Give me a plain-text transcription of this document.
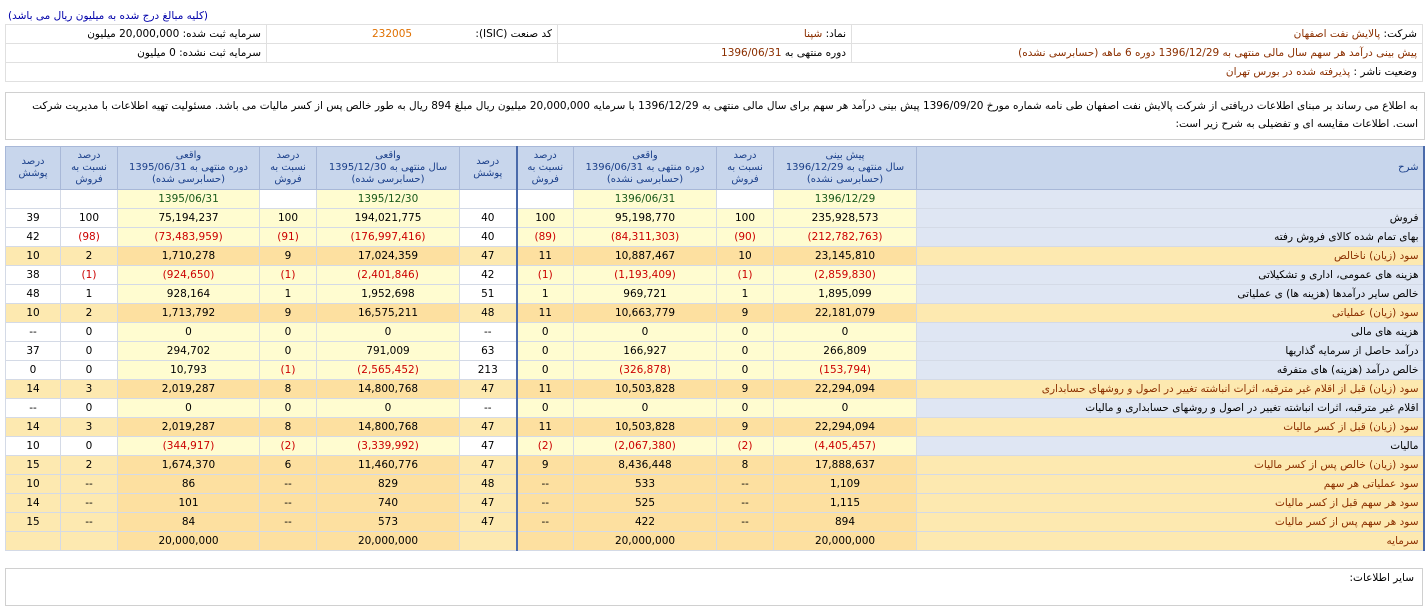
(کلیه مبالغ درج شده به میلیون ریال می باشد)
شرکت: پالایش نفت اصفهان	نماد: شپنا	کد صنعت (ISIC): 232005	سرمایه ثبت شده: 20,000,000 میلیون
پیش بینی درآمد هر سهم سال مالی منتهی به 1396/12/29 دوره 6 ماهه (حسابرسی نشده)	دوره منتهی به 1396/06/31		سرمایه ثبت نشده: 0 میلیون
وضعیت ناشر : پذیرفته شده در بورس تهران			
به اطلاع می رساند بر مبنای اطلاعات دریافتی از شرکت پالایش نفت اصفهان طی نامه شماره مورخ 1396/09/20 پیش بینی درآمد هر سهم برای سال مالی منتهی به 1396/12/29 با سرمایه 20,000,000 میلیون ریال مبلغ 894 ریال به طور خالص پس از کسر مالیات می باشد. مسئولیت تهیه اطلاعات با مدیریت شرکت است. اطلاعات مقایسه ای و تفضیلی به شرح زیر است:
شرح	پیش بینی
سال منتهی به 1396/12/29
(حسابرسی نشده)	درصد
نسبت به
فروش	واقعی
دوره منتهی به 1396/06/31
(حسابرسی نشده)	درصد
نسبت به
فروش	درصد
پوشش	واقعی
سال منتهی به 1395/12/30
(حسابرسی شده)	درصد
نسبت به
فروش	واقعی
دوره منتهی به 1395/06/31
(حسابرسی شده)	درصد
نسبت به
فروش	درصد
پوشش
	1396/12/29		1396/06/31			1395/12/30		1395/06/31		
فروش	235,928,573	100	95,198,770	100	40	194,021,775	100	75,194,237	100	39
بهای تمام شده کالای فروش رفته	(212,782,763)	(90)	(84,311,303)	(89)	40	(176,997,416)	(91)	(73,483,959)	(98)	42
سود (زیان) ناخالص	23,145,810	10	10,887,467	11	47	17,024,359	9	1,710,278	2	10
هزینه های عمومی، اداری و تشکیلاتی	(2,859,830)	(1)	(1,193,409)	(1)	42	(2,401,846)	(1)	(924,650)	(1)	38
خالص سایر درآمدها (هزینه ها) ی عملیاتی	1,895,099	1	969,721	1	51	1,952,698	1	928,164	1	48
سود (زیان) عملیاتی	22,181,079	9	10,663,779	11	48	16,575,211	9	1,713,792	2	10
هزینه های مالی	0	0	0	0	--	0	0	0	0	--
درآمد حاصل از سرمایه گذاریها	266,809	0	166,927	0	63	791,009	0	294,702	0	37
خالص درآمد (هزینه) های متفرقه	(153,794)	0	(326,878)	0	213	(2,565,452)	(1)	10,793	0	0
سود (زیان) قبل از اقلام غیر مترقبه، اثرات انباشته تغییر در اصول و روشهای حسابداری	22,294,094	9	10,503,828	11	47	14,800,768	8	2,019,287	3	14
اقلام غیر مترقبه، اثرات انباشته تغییر در اصول و روشهای حسابداری و مالیات	0	0	0	0	--	0	0	0	0	--
سود (زیان) قبل از کسر مالیات	22,294,094	9	10,503,828	11	47	14,800,768	8	2,019,287	3	14
مالیات	(4,405,457)	(2)	(2,067,380)	(2)	47	(3,339,992)	(2)	(344,917)	0	10
سود (زیان) خالص پس از کسر مالیات	17,888,637	8	8,436,448	9	47	11,460,776	6	1,674,370	2	15
سود عملیاتی هر سهم	1,109	--	533	--	48	829	--	86	--	10
سود هر سهم قبل از کسر مالیات	1,115	--	525	--	47	740	--	101	--	14
سود هر سهم پس از کسر مالیات	894	--	422	--	47	573	--	84	--	15
سرمایه	20,000,000		20,000,000			20,000,000		20,000,000		
سایر اطلاعات:
